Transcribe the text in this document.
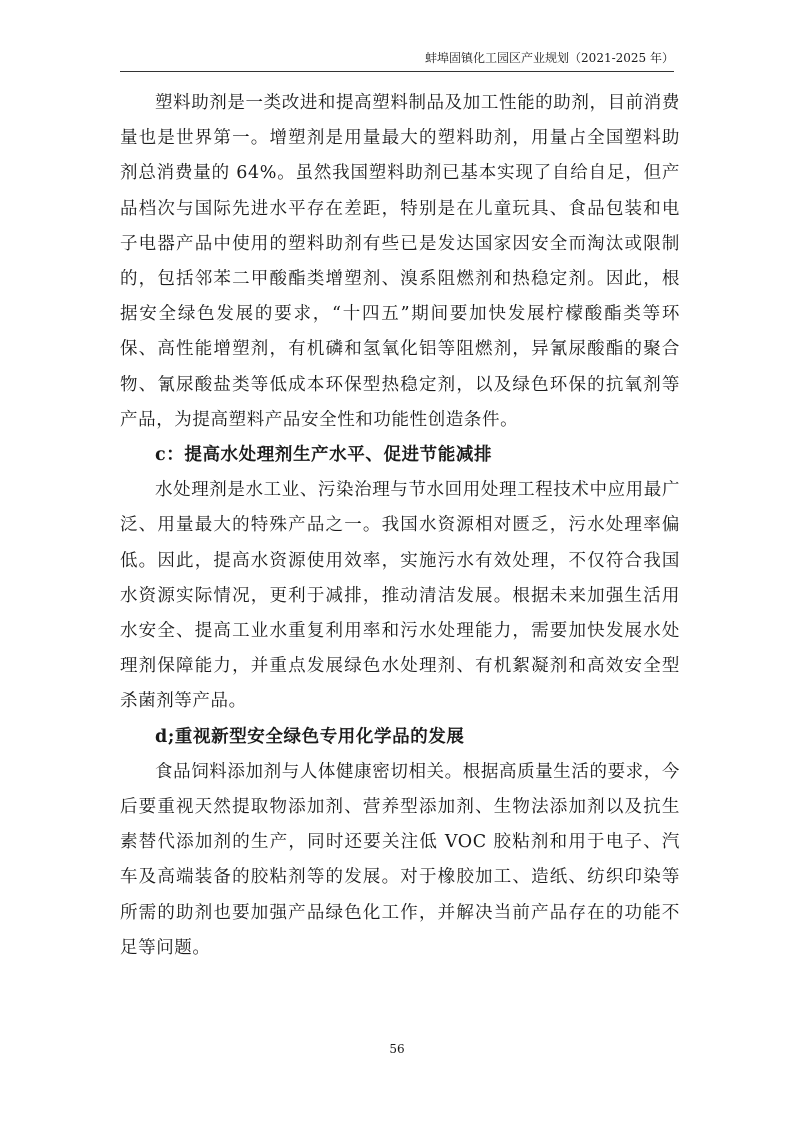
蚌埠固镇化工园区产业规划（2021-2025 年）

塑料助剂是一类改进和提高塑料制品及加工性能的助剂，目前消费量也是世界第一。增塑剂是用量最大的塑料助剂，用量占全国塑料助剂总消费量的 64%。虽然我国塑料助剂已基本实现了自给自足，但产品档次与国际先进水平存在差距，特别是在儿童玩具、食品包装和电子电器产品中使用的塑料助剂有些已是发达国家因安全而淘汰或限制的，包括邻苯二甲酸酯类增塑剂、溴系阻燃剂和热稳定剂。因此，根据安全绿色发展的要求，“十四五”期间要加快发展柠檬酸酯类等环保、高性能增塑剂，有机磷和氢氧化铝等阻燃剂，异氰尿酸酯的聚合物、氰尿酸盐类等低成本环保型热稳定剂，以及绿色环保的抗氧剂等产品，为提高塑料产品安全性和功能性创造条件。

c：提高水处理剂生产水平、促进节能减排

水处理剂是水工业、污染治理与节水回用处理工程技术中应用最广泛、用量最大的特殊产品之一。我国水资源相对匮乏，污水处理率偏低。因此，提高水资源使用效率，实施污水有效处理，不仅符合我国水资源实际情况，更利于减排，推动清洁发展。根据未来加强生活用水安全、提高工业水重复利用率和污水处理能力，需要加快发展水处理剂保障能力，并重点发展绿色水处理剂、有机絮凝剂和高效安全型杀菌剂等产品。

d;重视新型安全绿色专用化学品的发展

食品饲料添加剂与人体健康密切相关。根据高质量生活的要求，今后要重视天然提取物添加剂、营养型添加剂、生物法添加剂以及抗生素替代添加剂的生产，同时还要关注低 VOC 胶粘剂和用于电子、汽车及高端装备的胶粘剂等的发展。对于橡胶加工、造纸、纺织印染等所需的助剂也要加强产品绿色化工作，并解决当前产品存在的功能不足等问题。

56
